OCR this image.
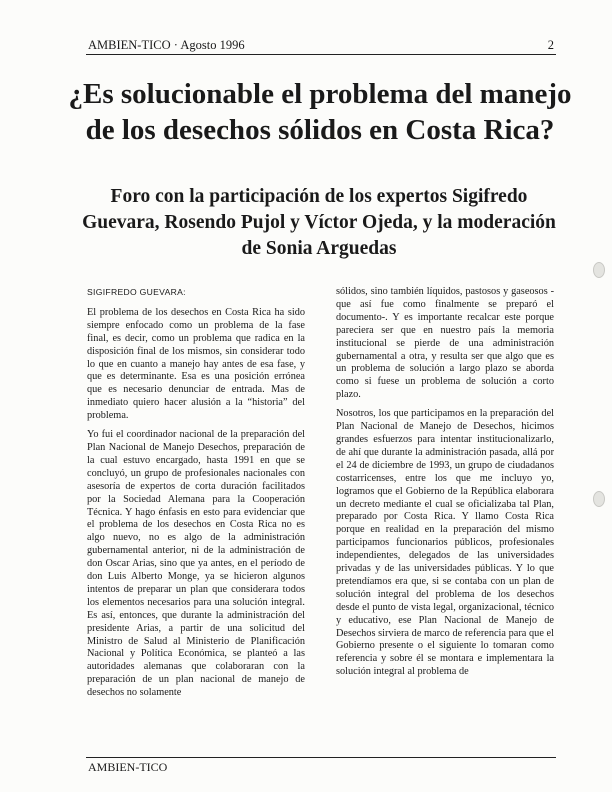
AMBIEN-TICO · Agosto 1996	2
¿Es solucionable el problema del manejo de los desechos sólidos en Costa Rica?
Foro con la participación de los expertos Sigifredo Guevara, Rosendo Pujol y Víctor Ojeda, y la moderación de Sonia Arguedas

SIGIFREDO GUEVARA:

El problema de los desechos en Costa Rica ha sido siempre enfocado como un problema de la fase final, es decir, como un problema que radica en la disposición final de los mismos, sin considerar todo lo que en cuanto a manejo hay antes de esa fase, y que es determinante. Esa es una posición errónea que es necesario denunciar de entrada. Mas de inmediato quiero hacer alusión a la “historia” del problema.

Yo fui el coordinador nacional de la preparación del Plan Nacional de Manejo Desechos, preparación de la cual estuvo encargado, hasta 1991 en que se concluyó, un grupo de profesionales nacionales con asesoría de expertos de corta duración facilitados por la Sociedad Alemana para la Cooperación Técnica. Y hago énfasis en esto para evidenciar que el problema de los desechos en Costa Rica no es algo nuevo, no es algo de la administración gubernamental anterior, ni de la administración de don Oscar Arias, sino que ya antes, en el período de don Luis Alberto Monge, ya se hicieron algunos intentos de preparar un plan que considerara todos los elementos necesarios para una solución integral. Es así, entonces, que durante la administración del presidente Arias, a partir de una solicitud del Ministro de Salud al Ministerio de Planificación Nacional y Política Económica, se planteó a las autoridades alemanas que colaboraran con la preparación de un plan nacional de manejo de desechos no solamente

sólidos, sino también líquidos, pastosos y gaseosos -que así fue como finalmente se preparó el documento-. Y es importante recalcar este porque pareciera ser que en nuestro país la memoria institucional se pierde de una administración gubernamental a otra, y resulta ser que algo que es un problema de solución a largo plazo se aborda como si fuese un problema de solución a corto plazo.

Nosotros, los que participamos en la preparación del Plan Nacional de Manejo de Desechos, hicimos grandes esfuerzos para intentar institucionalizarlo, de ahí que durante la administración pasada, allá por el 24 de diciembre de 1993, un grupo de ciudadanos costarricenses, entre los que me incluyo yo, logramos que el Gobierno de la República elaborara un decreto mediante el cual se oficializaba tal Plan, preparado por Costa Rica. Y llamo Costa Rica porque en realidad en la preparación del mismo participamos funcionarios públicos, profesionales independientes, delegados de las universidades privadas y de las universidades públicas. Y lo que pretendíamos era que, si se contaba con un plan de solución integral del problema de los desechos desde el punto de vista legal, organizacional, técnico y educativo, ese Plan Nacional de Manejo de Desechos sirviera de marco de referencia para que el Gobierno presente o el siguiente lo tomaran como referencia y sobre él se montara e implementara la solución integral al problema de

AMBIEN-TICO
